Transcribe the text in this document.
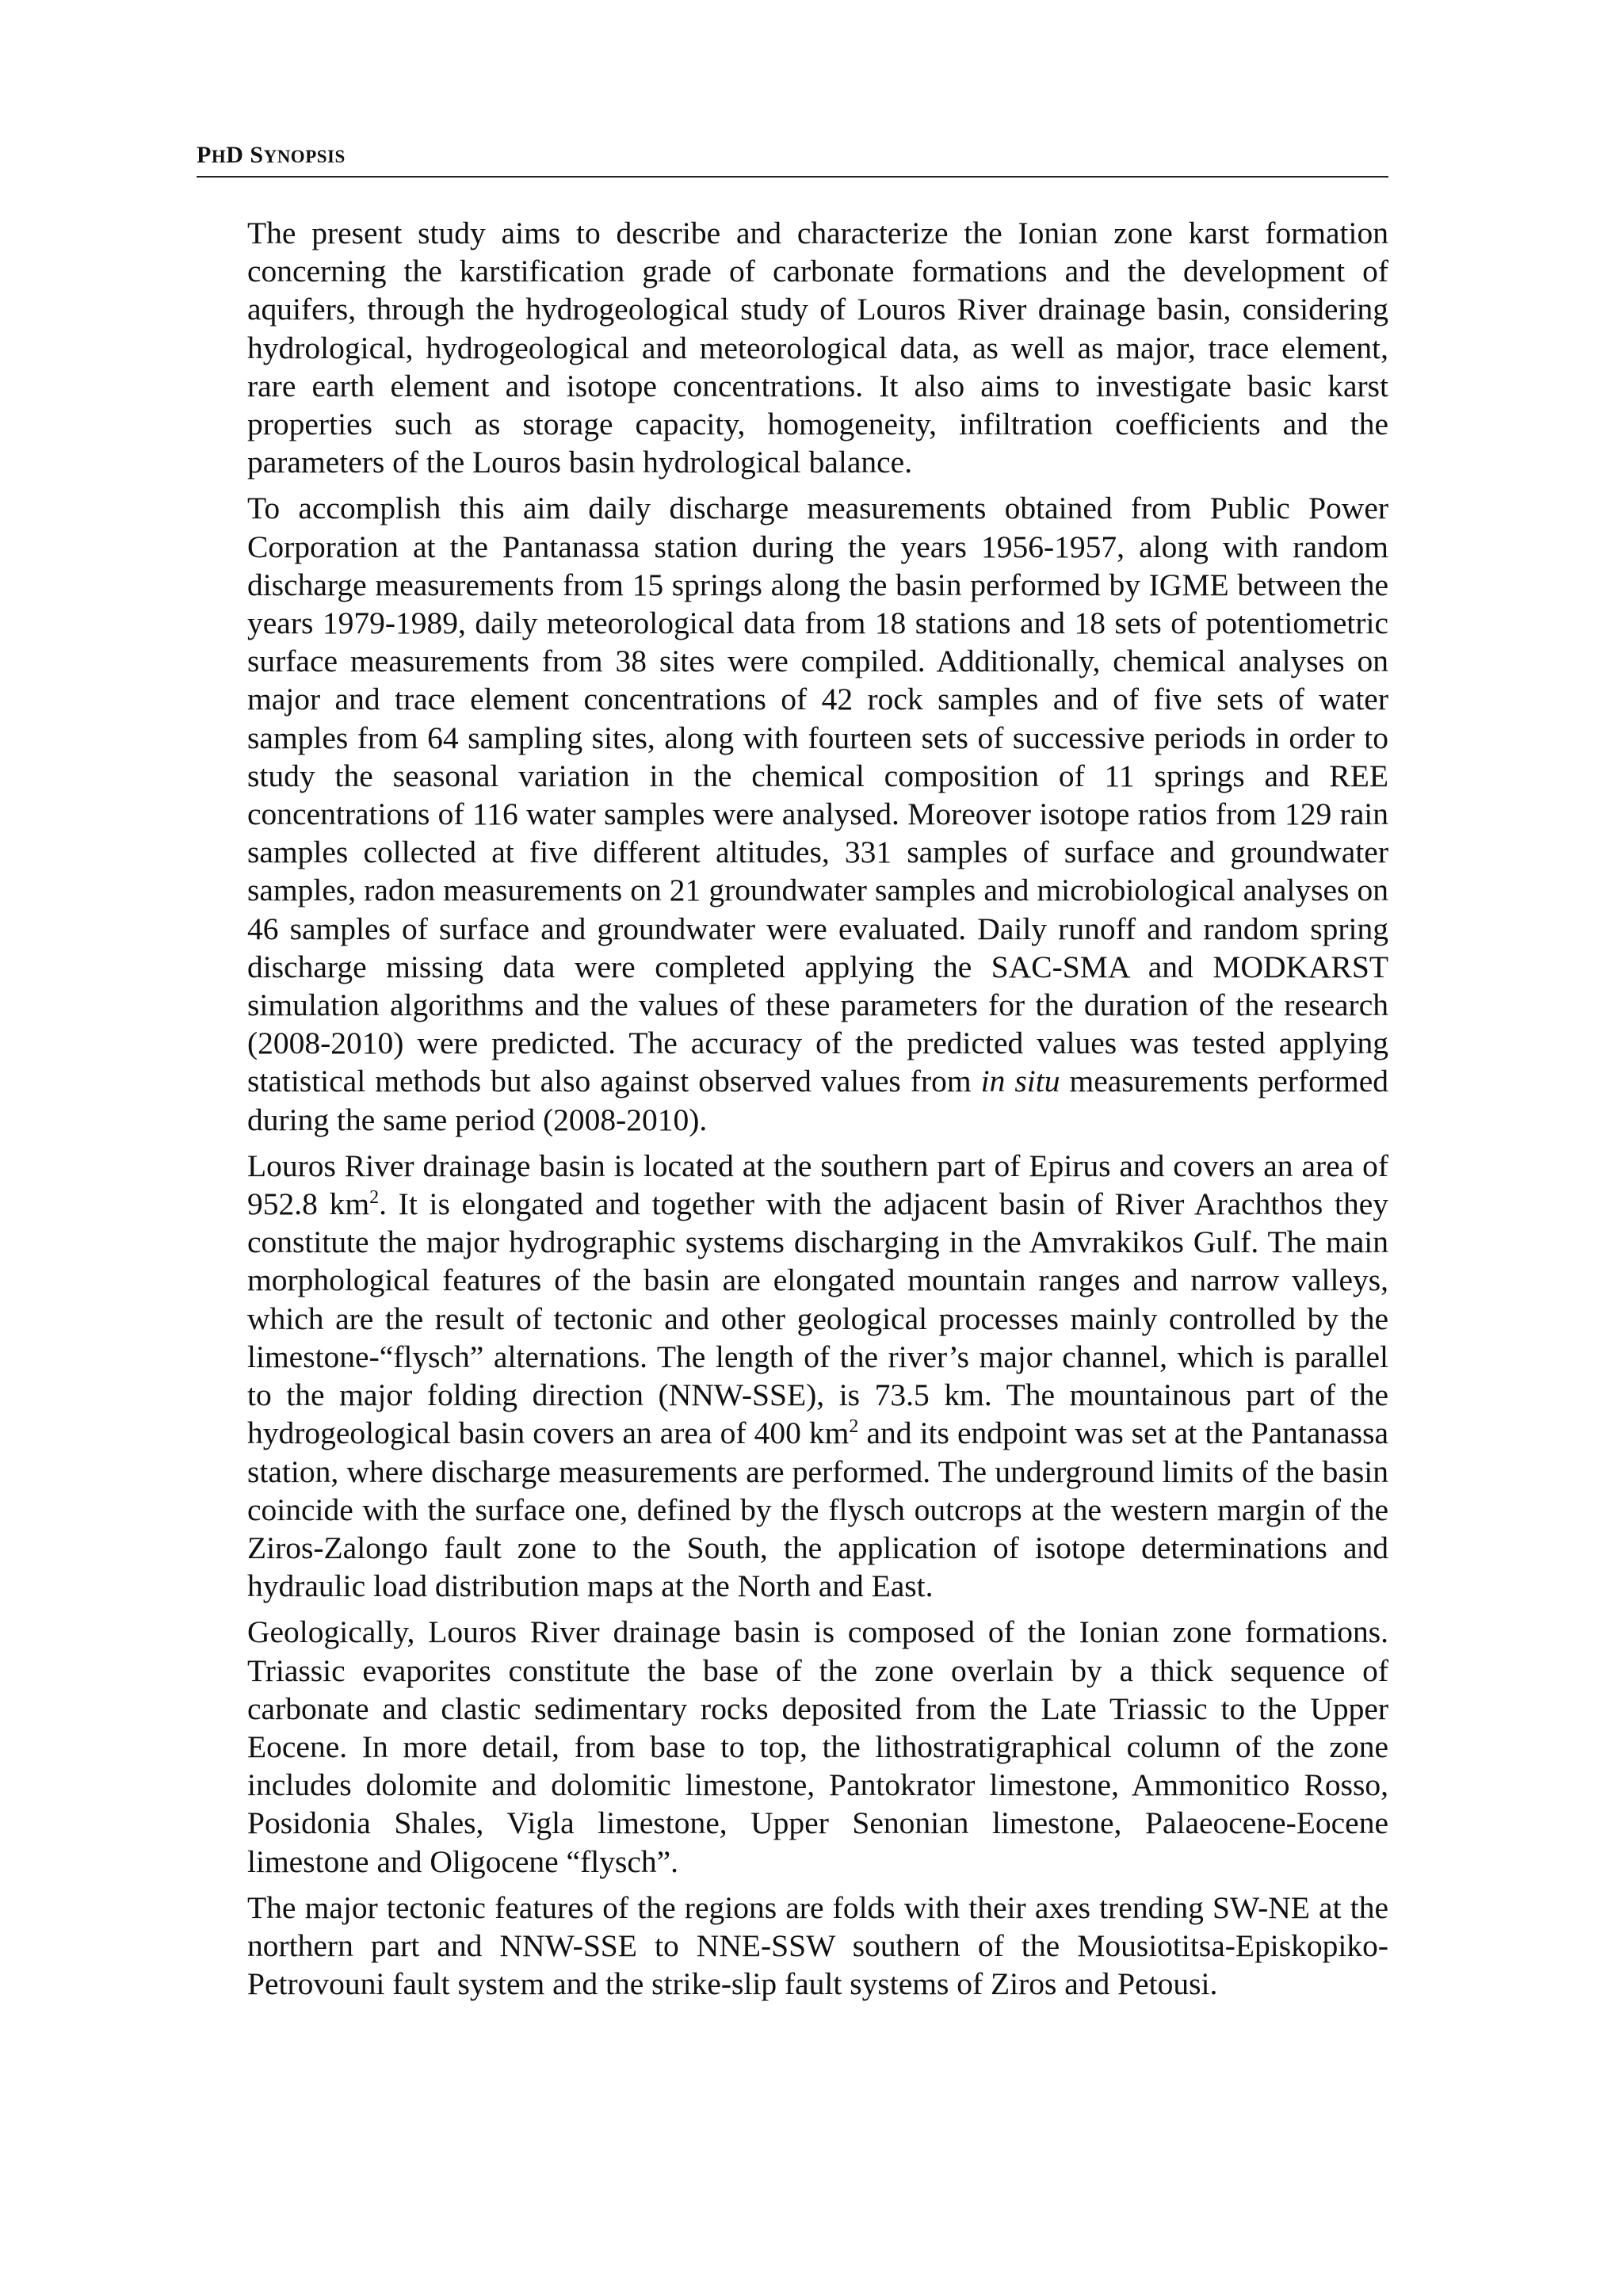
PHD SYNOPSIS

The present study aims to describe and characterize the Ionian zone karst formation concerning the karstification grade of carbonate formations and the development of aquifers, through the hydrogeological study of Louros River drainage basin, considering hydrological, hydrogeological and meteorological data, as well as major, trace element, rare earth element and isotope concentrations. It also aims to investigate basic karst properties such as storage capacity, homogeneity, infiltration coefficients and the parameters of the Louros basin hydrological balance.

To accomplish this aim daily discharge measurements obtained from Public Power Corporation at the Pantanassa station during the years 1956-1957, along with random discharge measurements from 15 springs along the basin performed by IGME between the years 1979-1989, daily meteorological data from 18 stations and 18 sets of potentiometric surface measurements from 38 sites were compiled. Additionally, chemical analyses on major and trace element concentrations of 42 rock samples and of five sets of water samples from 64 sampling sites, along with fourteen sets of successive periods in order to study the seasonal variation in the chemical composition of 11 springs and REE concentrations of 116 water samples were analysed. Moreover isotope ratios from 129 rain samples collected at five different altitudes, 331 samples of surface and groundwater samples, radon measurements on 21 groundwater samples and microbiological analyses on 46 samples of surface and groundwater were evaluated. Daily runoff and random spring discharge missing data were completed applying the SAC-SMA and MODKARST simulation algorithms and the values of these parameters for the duration of the research (2008-2010) were predicted. The accuracy of the predicted values was tested applying statistical methods but also against observed values from in situ measurements performed during the same period (2008-2010).

Louros River drainage basin is located at the southern part of Epirus and covers an area of 952.8 $km^2$. It is elongated and together with the adjacent basin of River Arachthos they constitute the major hydrographic systems discharging in the Amvrakikos Gulf. The main morphological features of the basin are elongated mountain ranges and narrow valleys, which are the result of tectonic and other geological processes mainly controlled by the limestone-“flysch” alternations. The length of the river’s major channel, which is parallel to the major folding direction (NNW-SSE), is 73.5 km. The mountainous part of the hydrogeological basin covers an area of 400 $km^2$ and its endpoint was set at the Pantanassa station, where discharge measurements are performed. The underground limits of the basin coincide with the surface one, defined by the flysch outcrops at the western margin of the Ziros-Zalongo fault zone to the South, the application of isotope determinations and hydraulic load distribution maps at the North and East.

Geologically, Louros River drainage basin is composed of the Ionian zone formations. Triassic evaporites constitute the base of the zone overlain by a thick sequence of carbonate and clastic sedimentary rocks deposited from the Late Triassic to the Upper Eocene. In more detail, from base to top, the lithostratigraphical column of the zone includes dolomite and dolomitic limestone, Pantokrator limestone, Ammonitico Rosso, Posidonia Shales, Vigla limestone, Upper Senonian limestone, Palaeocene-Eocene limestone and Oligocene “flysch”.

The major tectonic features of the regions are folds with their axes trending SW-NE at the northern part and NNW-SSE to NNE-SSW southern of the Mousiotitsa-Episkopiko-Petrovouni fault system and the strike-slip fault systems of Ziros and Petousi.
